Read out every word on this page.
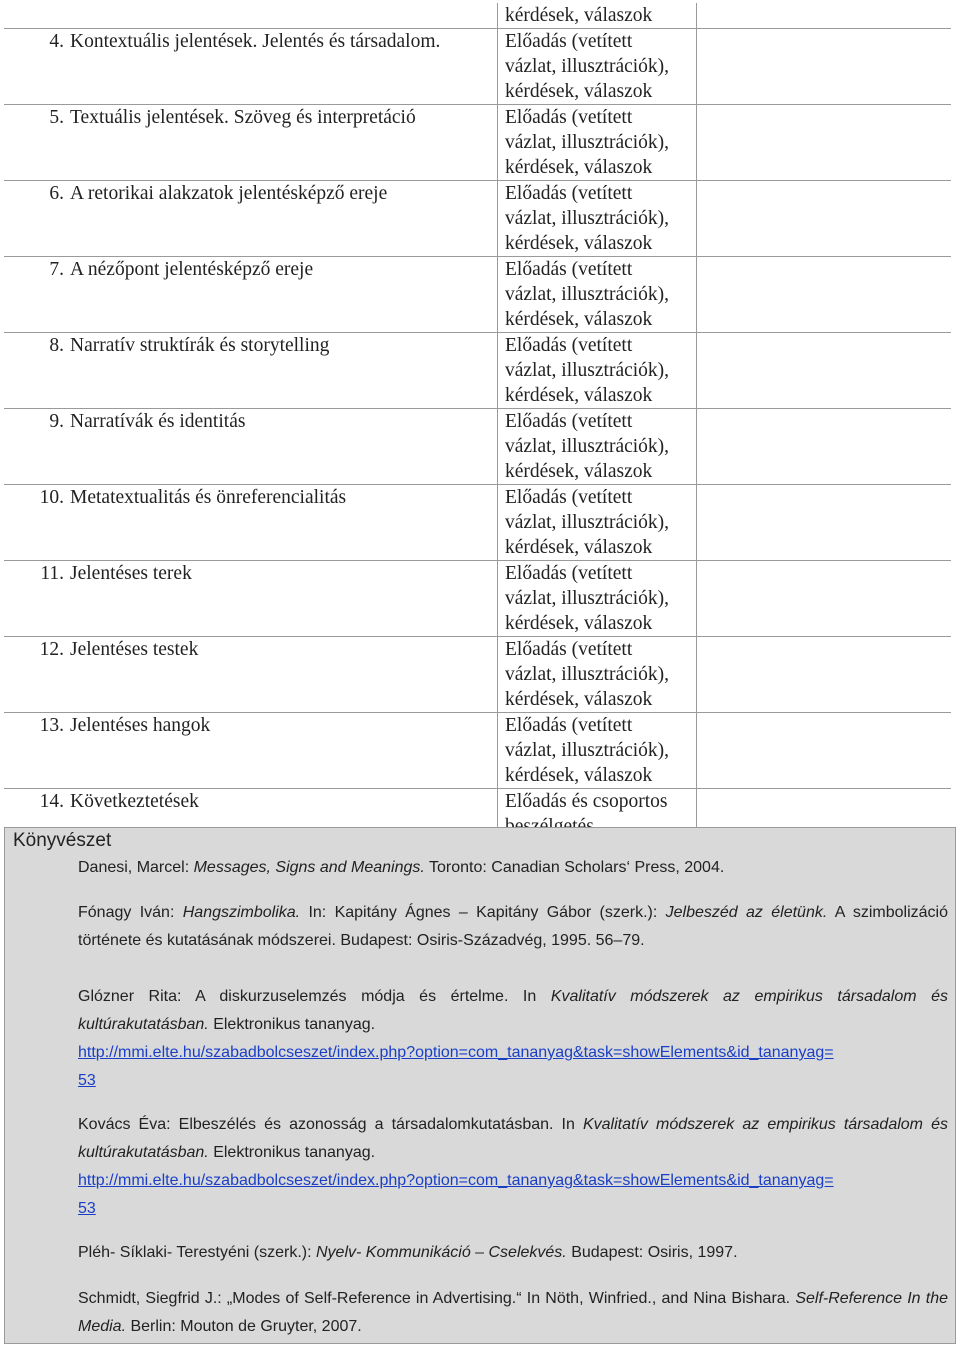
	kérdések, válaszok	

4. Kontextuális jelentések. Jelentés és társadalom.	Előadás (vetített
vázlat, illusztrációk),
kérdések, válaszok	

5. Textuális jelentések. Szöveg és interpretáció	Előadás (vetített
vázlat, illusztrációk),
kérdések, válaszok	

6. A retorikai alakzatok jelentésképző ereje	Előadás (vetített
vázlat, illusztrációk),
kérdések, válaszok	

7. A nézőpont jelentésképző ereje	Előadás (vetített
vázlat, illusztrációk),
kérdések, válaszok	

8. Narratív struktírák és storytelling	Előadás (vetített
vázlat, illusztrációk),
kérdések, válaszok	

9. Narratívák és identitás	Előadás (vetített
vázlat, illusztrációk),
kérdések, válaszok	

10. Metatextualitás és önreferencialitás	Előadás (vetített
vázlat, illusztrációk),
kérdések, válaszok	

11. Jelentéses terek	Előadás (vetített
vázlat, illusztrációk),
kérdések, válaszok	

12. Jelentéses testek	Előadás (vetített
vázlat, illusztrációk),
kérdések, válaszok	

13. Jelentéses hangok	Előadás (vetített
vázlat, illusztrációk),
kérdések, válaszok	

14. Következtetések	Előadás és csoportos	

Könyvészet

Danesi, Marcel: Messages, Signs and Meanings. Toronto: Canadian Scholars‘ Press, 2004.

Fónagy Iván: Hangszimbolika. In: Kapitány Ágnes – Kapitány Gábor (szerk.): Jelbeszéd az életünk. A szimbolizáció története és kutatásának módszerei. Budapest: Osiris-Századvég, 1995. 56–79.

Glózner Rita: A diskurzuselemzés módja és értelme. In Kvalitatív módszerek az empirikus társadalom és kultúrakutatásban. Elektronikus tananyag.
http://mmi.elte.hu/szabadbolcseszet/index.php?option=com_tananyag&task=showElements&id_tananyag=
53

Kovács Éva: Elbeszélés és azonosság a társadalomkutatásban. In Kvalitatív módszerek az empirikus társadalom és kultúrakutatásban. Elektronikus tananyag.
http://mmi.elte.hu/szabadbolcseszet/index.php?option=com_tananyag&task=showElements&id_tananyag=
53

Pléh- Síklaki- Terestyéni (szerk.): Nyelv- Kommunikáció – Cselekvés. Budapest: Osiris, 1997.

Schmidt, Siegfrid J.: „Modes of Self-Reference in Advertising.“ In Nöth, Winfried., and Nina Bishara. Self-Reference In the Media. Berlin: Mouton de Gruyter, 2007.
